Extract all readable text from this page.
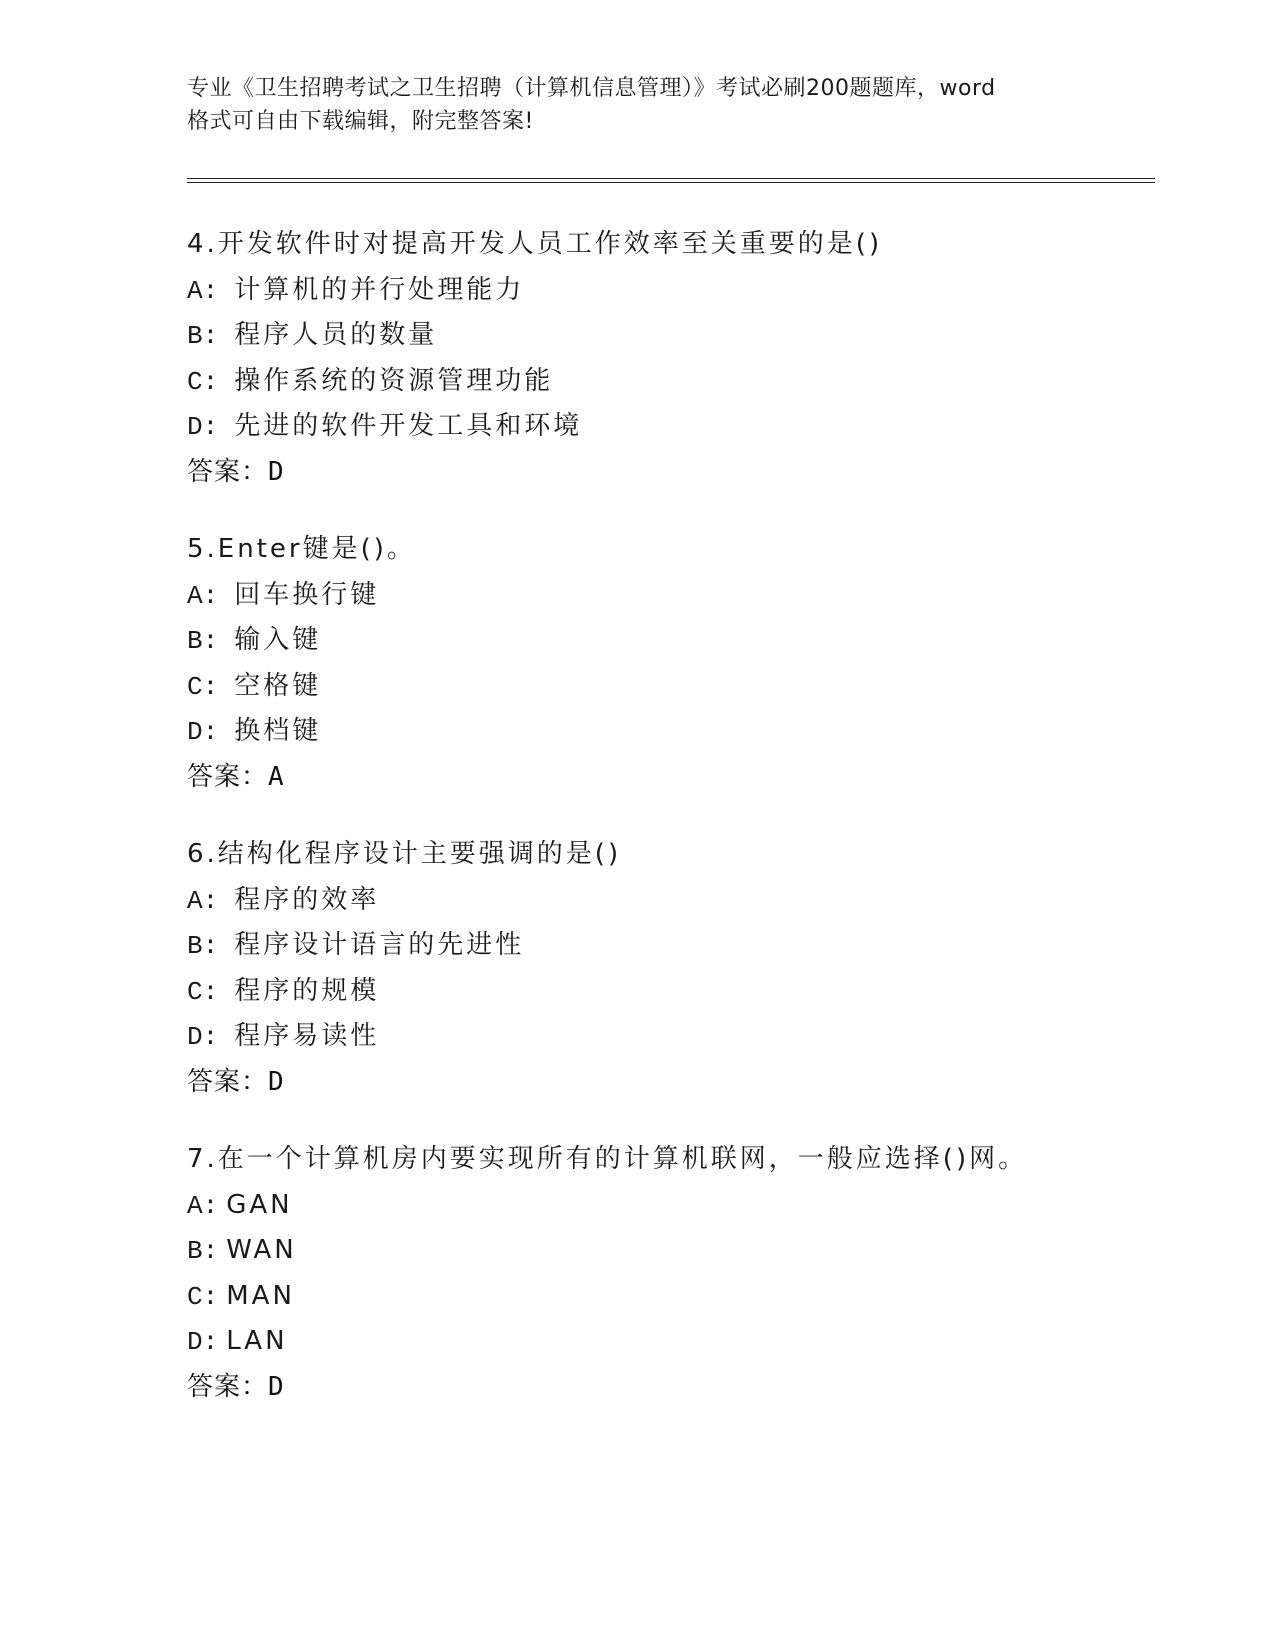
专业《卫生招聘考试之卫生招聘（计算机信息管理）》考试必刷200题题库，word
格式可自由下载编辑，附完整答案!
4.开发软件时对提高开发人员工作效率至关重要的是()
A: 计算机的并行处理能力
B: 程序人员的数量
C: 操作系统的资源管理功能
D: 先进的软件开发工具和环境
答案：D
5.Enter键是()。
A: 回车换行键
B: 输入键
C: 空格键
D: 换档键
答案：A
6.结构化程序设计主要强调的是()
A: 程序的效率
B: 程序设计语言的先进性
C: 程序的规模
D: 程序易读性
答案：D
7.在一个计算机房内要实现所有的计算机联网，一般应选择()网。
A: GAN
B: WAN
C: MAN
D: LAN
答案：D
